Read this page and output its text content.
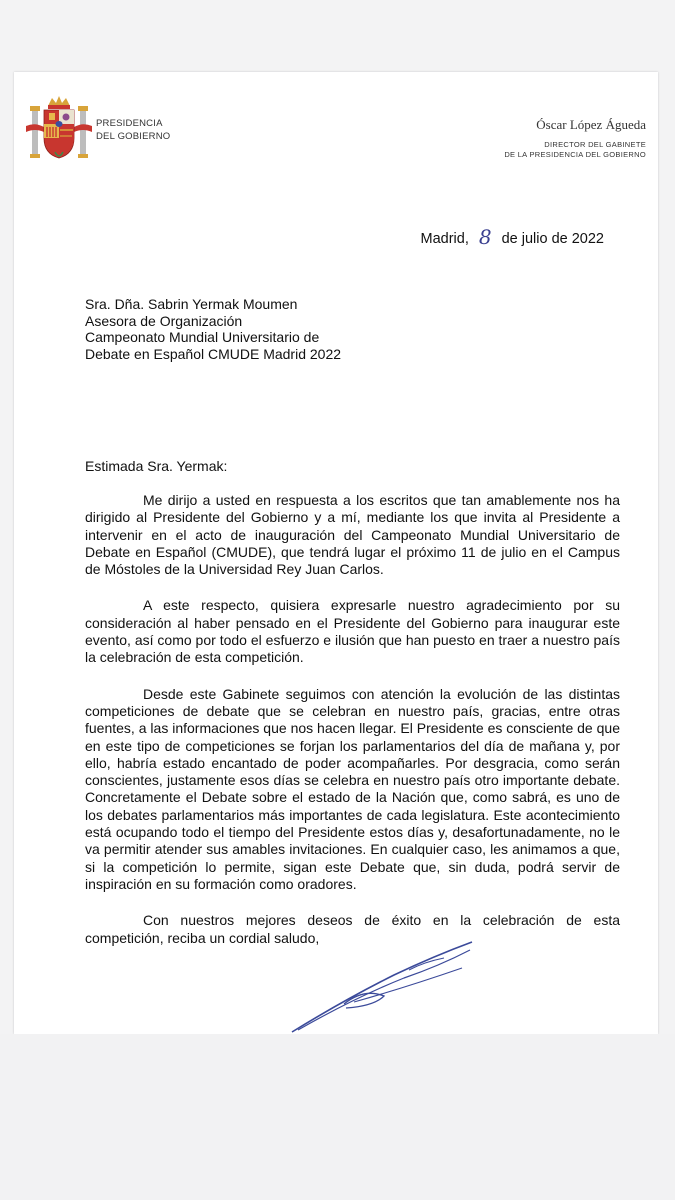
PRESIDENCIA
DEL GOBIERNO
Óscar López Águeda
DIRECTOR DEL GABINETE
DE LA PRESIDENCIA DEL GOBIERNO
Madrid, 8 de julio de 2022
Sra. Dña. Sabrin Yermak Moumen
Asesora de Organización
Campeonato Mundial Universitario de
Debate en Español CMUDE Madrid 2022
Estimada Sra. Yermak:

Me dirijo a usted en respuesta a los escritos que tan amablemente nos ha dirigido al Presidente del Gobierno y a mí, mediante los que invita al Presidente a intervenir en el acto de inauguración del Campeonato Mundial Universitario de Debate en Español (CMUDE), que tendrá lugar el próximo 11 de julio en el Campus de Móstoles de la Universidad Rey Juan Carlos.

A este respecto, quisiera expresarle nuestro agradecimiento por su consideración al haber pensado en el Presidente del Gobierno para inaugurar este evento, así como por todo el esfuerzo e ilusión que han puesto en traer a nuestro país la celebración de esta competición.

Desde este Gabinete seguimos con atención la evolución de las distintas competiciones de debate que se celebran en nuestro país, gracias, entre otras fuentes, a las informaciones que nos hacen llegar. El Presidente es consciente de que en este tipo de competiciones se forjan los parlamentarios del día de mañana y, por ello, habría estado encantado de poder acompañarles. Por desgracia, como serán conscientes, justamente esos días se celebra en nuestro país otro importante debate. Concretamente el Debate sobre el estado de la Nación que, como sabrá, es uno de los debates parlamentarios más importantes de cada legislatura. Este acontecimiento está ocupando todo el tiempo del Presidente estos días y, desafortunadamente, no le va permitir atender sus amables invitaciones. En cualquier caso, les animamos a que, si la competición lo permite, sigan este Debate que, sin duda, podrá servir de inspiración en su formación como oradores.

Con nuestros mejores deseos de éxito en la celebración de esta competición, reciba un cordial saludo,
